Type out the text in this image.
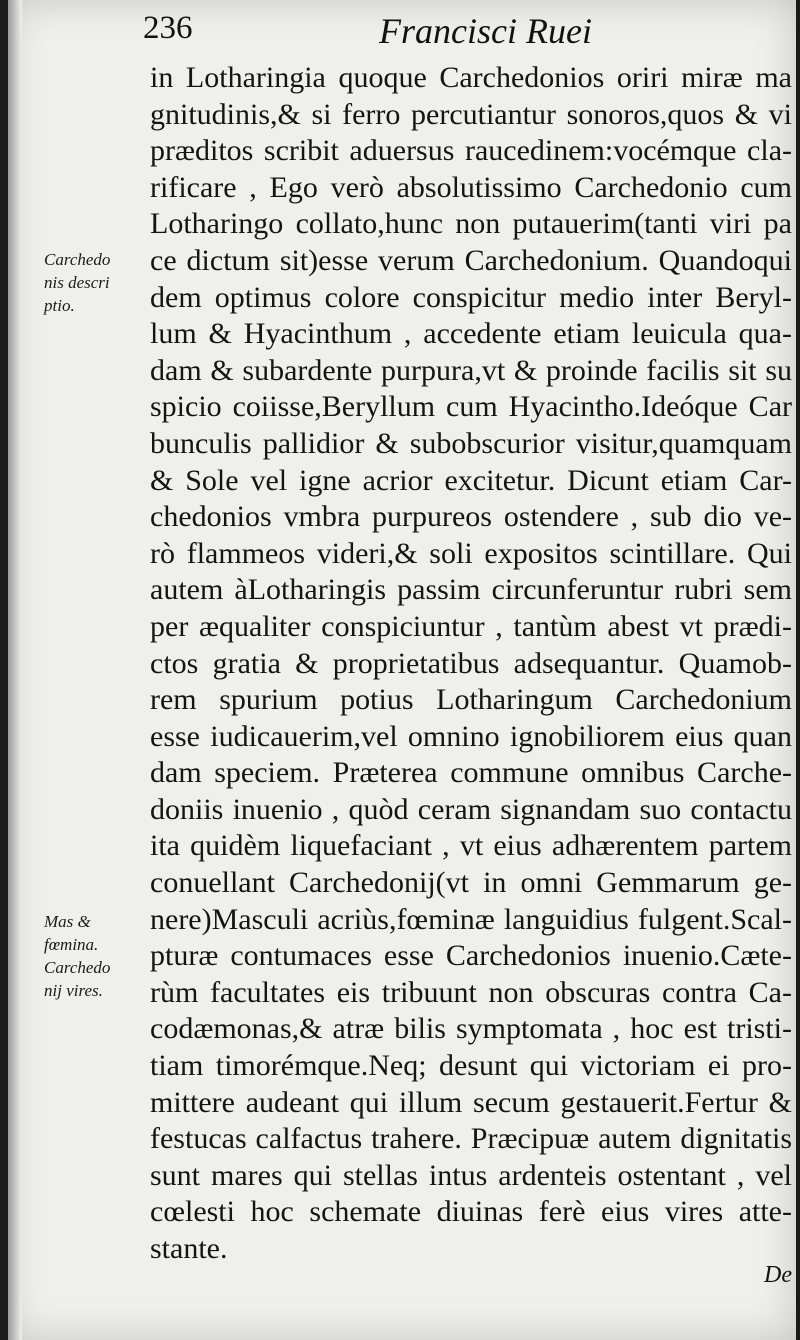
236	Francisci Ruei
Carchedo
nis descri
ptio.
Mas &
fœmina.
Carchedo
nij vires.
in Lotharingia quoque Carchedonios oriri miræ ma
gnitudinis,& si ferro percutiantur sonoros,quos & vi
præditos scribit aduersus raucedinem:vocémque cla-
rificare , Ego verò absolutissimo Carchedonio cum
Lotharingo collato,hunc non putauerim(tanti viri pa
ce dictum sit)esse verum Carchedonium. Quandoqui
dem optimus colore conspicitur medio inter Beryl-
lum & Hyacinthum , accedente etiam leuicula qua-
dam & subardente purpura,vt & proinde facilis sit su
spicio coiisse,Beryllum cum Hyacintho.Ideóque Car
bunculis pallidior & subobscurior visitur,quamquam
& Sole vel igne acrior excitetur. Dicunt etiam Car-
chedonios vmbra purpureos ostendere , sub dio ve-
rò flammeos videri,& soli expositos scintillare. Qui
autem àLotharingis passim circunferuntur rubri sem
per æqualiter conspiciuntur , tantùm abest vt prædi-
ctos gratia & proprietatibus adsequantur. Quamob-
rem spurium potius Lotharingum Carchedonium
esse iudicauerim,vel omnino ignobiliorem eius quan
dam speciem. Præterea commune omnibus Carche-
doniis inuenio , quòd ceram signandam suo contactu
ita quidèm liquefaciant , vt eius adhærentem partem
conuellant Carchedonij(vt in omni Gemmarum ge-
nere)Masculi acriùs,fœminæ languidius fulgent.Scal-
pturæ contumaces esse Carchedonios inuenio.Cæte-
rùm facultates eis tribuunt non obscuras contra Ca-
codæmonas,& atræ bilis symptomata , hoc est tristi-
tiam timorémque.Neq; desunt qui victoriam ei pro-
mittere audeant qui illum secum gestauerit.Fertur &
festucas calfactus trahere. Præcipuæ autem dignitatis
sunt mares qui stellas intus ardenteis ostentant , vel
cœlesti hoc schemate diuinas ferè eius vires atte-
stante.
De
